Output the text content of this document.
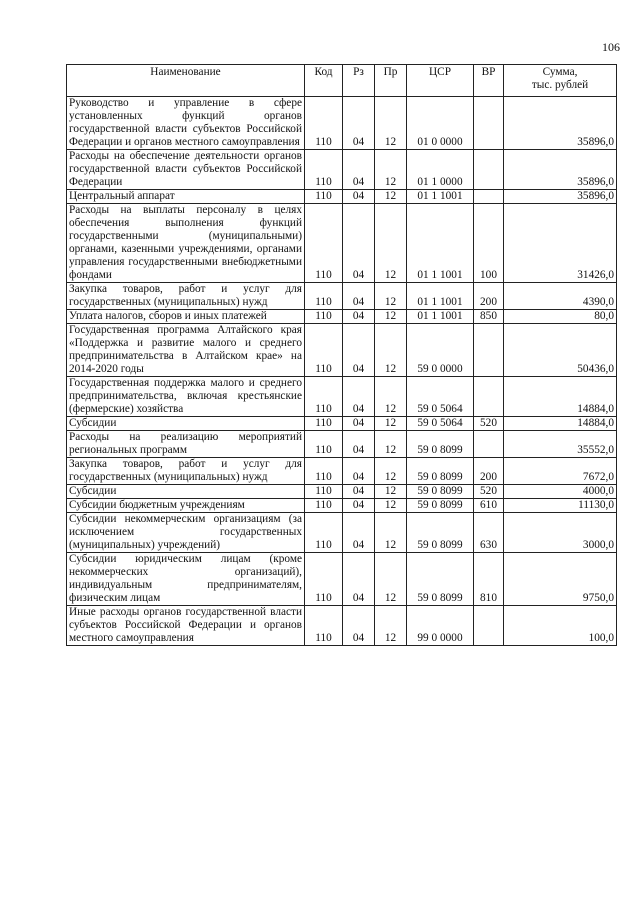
106
Наименование	Код	Рз	Пр	ЦСР	ВР	Сумма,
тыс. рублей

Руководство и управление в сфере установленных функций органов государственной власти субъектов Российской Федерации и органов местного самоуправления	110	04	12	01 0 0000		35896,0
Расходы на обеспечение деятельности органов государственной власти субъектов Российской Федерации	110	04	12	01 1 0000		35896,0
Центральный аппарат	110	04	12	01 1 1001		35896,0
Расходы на выплаты персоналу в целях обеспечения выполнения функций государственными (муниципальными) органами, казенными учреждениями, органами управления государственными внебюджетными фондами	110	04	12	01 1 1001	100	31426,0
Закупка товаров, работ и услуг для государственных (муниципальных) нужд	110	04	12	01 1 1001	200	4390,0
Уплата налогов, сборов и иных платежей	110	04	12	01 1 1001	850	80,0
Государственная программа Алтайского края «Поддержка и развитие малого и среднего предпринимательства в Алтайском крае» на 2014-2020 годы	110	04	12	59 0 0000		50436,0
Государственная поддержка малого и среднего предпринимательства, включая крестьянские (фермерские) хозяйства	110	04	12	59 0 5064		14884,0
Субсидии	110	04	12	59 0 5064	520	14884,0
Расходы на реализацию мероприятий региональных программ	110	04	12	59 0 8099		35552,0
Закупка товаров, работ и услуг для государственных (муниципальных) нужд	110	04	12	59 0 8099	200	7672,0
Субсидии	110	04	12	59 0 8099	520	4000,0
Субсидии бюджетным учреждениям	110	04	12	59 0 8099	610	11130,0
Субсидии некоммерческим организациям (за исключением государственных (муниципальных) учреждений)	110	04	12	59 0 8099	630	3000,0
Субсидии юридическим лицам (кроме некоммерческих организаций), индивидуальным предпринимателям, физическим лицам	110	04	12	59 0 8099	810	9750,0
Иные расходы органов государственной власти субъектов Российской Федерации и органов местного самоуправления	110	04	12	99 0 0000		100,0
